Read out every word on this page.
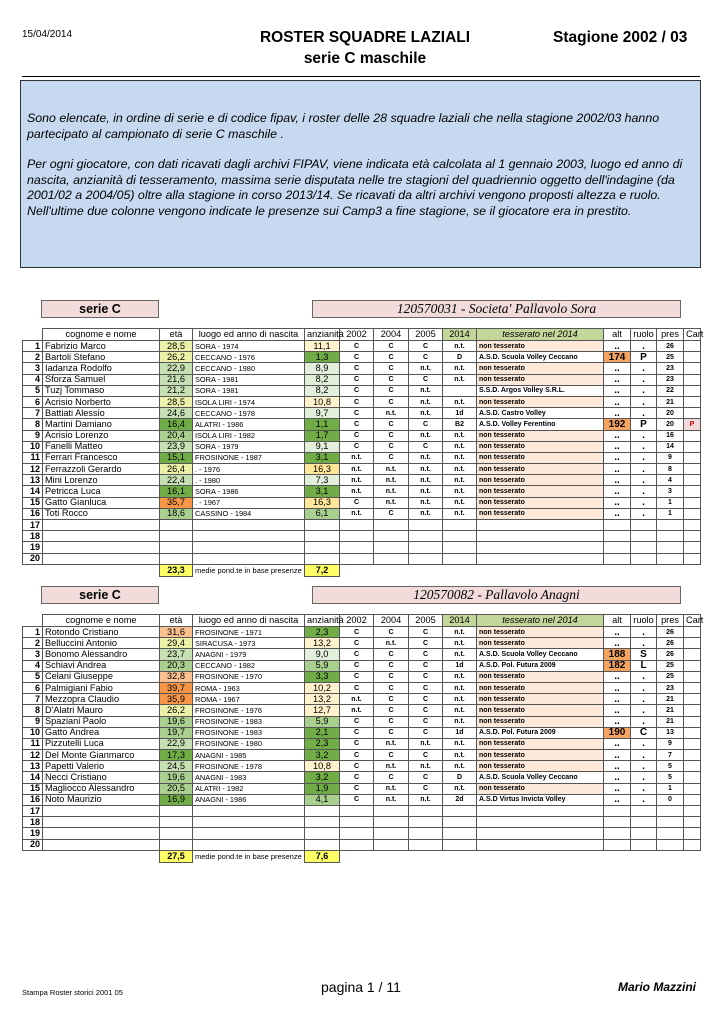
15/04/2014	ROSTER SQUADRE LAZIALI
serie C maschile
Stagione 2002 / 03

Sono elencate, in ordine di serie e di codice fipav, i roster delle 28 squadre laziali che nella stagione 2002/03 hanno partecipato al campionato di serie C maschile .

Per ogni giocatore, con dati ricavati dagli archivi FIPAV, viene indicata età calcolata al 1 gennaio 2003, luogo ed anno di nascita, anzianità di tesseramento, massima serie disputata nelle tre stagioni del quadriennio oggetto dell'indagine (da 2001/02 a 2004/05) oltre alla stagione in corso 2013/14. Se ricavati da altri archivi vengono proposti altezza e ruolo. Nell'ultime due colonne vengono indicate le presenze sui Camp3 a fine stagione, se il giocatore era in prestito.

serie C	120570031 - Societa' Pallavolo Sora
	cognome e nome	età	luogo ed anno di nascita	anzianità	2002	2004	2005	2014	tesserato nel 2014	alt	ruolo	pres	Cart
1	Fabrizio Marco	28,5	SORA - 1974	11,1	C	C	C	n.t.	non tesserato	..	.	26	
2	Bartoli Stefano	26,2	CECCANO - 1976	1,3	C	C	C	D	A.S.D. Scuola Volley Ceccano	174	P	25	
3	Iadanza Rodolfo	22,9	CECCANO - 1980	8,9	C	C	n.t.	n.t.	non tesserato	..	.	23	
4	Sforza Samuel	21,6	SORA - 1981	8,2	C	C	C	n.t.	non tesserato	..	.	23	
5	Tuzj Tommaso	21,2	SORA - 1981	8,2	C	C	n.t.		S.S.D. Argos Volley S.R.L.	..	.	22	
6	Acrisio Norberto	28,5	ISOLA LIRI - 1974	10,8	C	C	n.t.	n.t.	non tesserato	..	.	21	
7	Battiati Alessio	24,6	CECCANO - 1978	9,7	C	n.t.	n.t.	1d	A.S.D. Castro Volley	..	.	20	
8	Martini Damiano	16,4	ALATRI - 1986	1,1	C	C	C	B2	A.S.D. Volley Ferentino	192	P	20	P
9	Acrisio Lorenzo	20,4	ISOLA LIRI - 1982	1,7	C	C	n.t.	n.t.	non tesserato	..	.	16	
10	Fanelli Matteo	23,9	SORA - 1979	9,1	C	C	C	n.t.	non tesserato	..	.	14	
11	Ferrari Francesco	15,1	FROSINONE - 1987	3,1	n.t.	C	n.t.	n.t.	non tesserato	..	.	9	
12	Ferrazzoli Gerardo	26,4	. - 1976	16,3	n.t.	n.t.	n.t.	n.t.	non tesserato	..	.	8	
13	Mini Lorenzo	22,4	. - 1980	7,3	n.t.	n.t.	n.t.	n.t.	non tesserato	..	.	4	
14	Petricca Luca	16,1	SORA - 1986	3,1	n.t.	n.t.	n.t.	n.t.	non tesserato	..	.	3	
15	Gatto Gianluca	35,7	. - 1967	16,3	C	n.t.	n.t.	n.t.	non tesserato	..	.	1	
16	Toti Rocco	18,6	CASSINO - 1984	6,1	n.t.	C	n.t.	n.t.	non tesserato	..	.	1	
17													
18													
19													
20													
		23,3	medie pond.te in base presenze	7,2									
serie C	120570082 - Pallavolo Anagni
	cognome e nome	età	luogo ed anno di nascita	anzianità	2002	2004	2005	2014	tesserato nel 2014	alt	ruolo	pres	Cart
1	Rotondo Cristiano	31,6	FROSINONE - 1971	2,3	C	C	C	n.t.	non tesserato	..	.	26	
2	Belluccini Antonio	29,4	SIRACUSA - 1973	13,2	C	n.t.	C	n.t.	non tesserato	..	.	26	
3	Bonomo Alessandro	23,7	ANAGNI - 1979	9,0	C	C	C	n.t.	A.S.D. Scuola Volley Ceccano	188	S	26	
4	Schiavi Andrea	20,3	CECCANO - 1982	5,9	C	C	C	1d	A.S.D. Pol. Futura 2009	182	L	25	
5	Celani Giuseppe	32,8	FROSINONE - 1970	3,3	C	C	C	n.t.	non tesserato	..	.	25	
6	Palmigiani Fabio	39,7	ROMA - 1963	10,2	C	C	C	n.t.	non tesserato	..	.	23	
7	Mezzopra Claudio	35,9	ROMA - 1967	13,2	n.t.	C	C	n.t.	non tesserato	..	.	21	
8	D'Alatri Mauro	26,2	FROSINONE - 1976	12,7	n.t.	C	C	n.t.	non tesserato	..	.	21	
9	Spaziani Paolo	19,6	FROSINONE - 1983	5,9	C	C	C	n.t.	non tesserato	..	.	21	
10	Gatto Andrea	19,7	FROSINONE - 1983	2,1	C	C	C	1d	A.S.D. Pol. Futura 2009	190	C	13	
11	Pizzutelli Luca	22,9	FROSINONE - 1980	2,3	C	n.t.	n.t.	n.t.	non tesserato	..	.	9	
12	Del Monte Gianmarco	17,3	ANAGNI - 1985	3,2	C	C	C	n.t.	non tesserato	..	.	7	
13	Papetti Valerio	24,5	FROSINONE - 1978	10,8	C	n.t.	n.t.	n.t.	non tesserato	..	.	5	
14	Necci Cristiano	19,6	ANAGNI - 1983	3,2	C	C	C	D	A.S.D. Scuola Volley Ceccano	..	.	5	
15	Magliocco Alessandro	20,5	ALATRI - 1982	1,9	C	n.t.	C	n.t.	non tesserato	..	.	1	
16	Noto Maurizio	16,9	ANAGNI - 1986	4,1	C	n.t.	n.t.	2d	A.S.D Virtus Invicta Volley	..	.	0	
17													
18													
19													
20													
		27,5	medie pond.te in base presenze	7,6									
Stampa Roster storici 2001 05	pagina 1 / 11	Mario Mazzini
